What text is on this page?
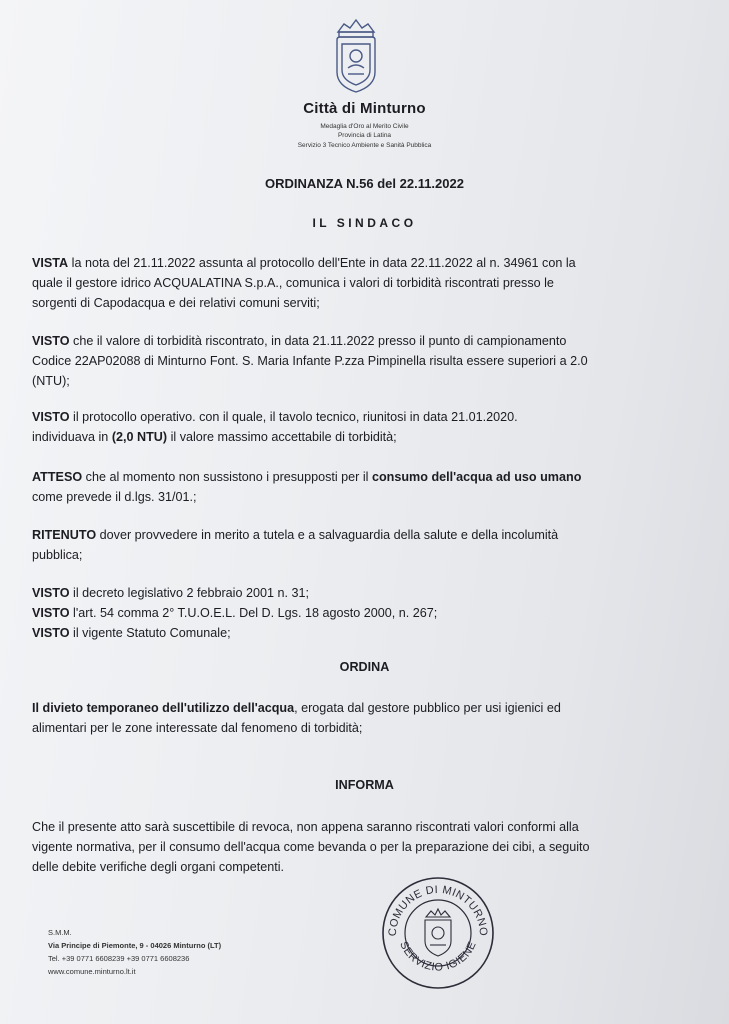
Città di Minturno
Medaglia d'Oro al Merito Civile
Provincia di Latina
Servizio 3 Tecnico Ambiente e Sanità Pubblica
ORDINANZA N.56 del 22.11.2022
IL SINDACO
VISTA la nota del 21.11.2022 assunta al protocollo dell'Ente in data 22.11.2022 al n. 34961 con la
quale il gestore idrico ACQUALATINA S.p.A., comunica i valori di torbidità riscontrati presso le
sorgenti di Capodacqua e dei relativi comuni serviti;
VISTO che il valore di torbidità riscontrato, in data 21.11.2022 presso il punto di campionamento
Codice 22AP02088 di Minturno Font. S. Maria Infante P.zza Pimpinella risulta essere superiori a 2.0
(NTU);
VISTO il protocollo operativo. con il quale, il tavolo tecnico, riunitosi in data 21.01.2020.
individuava in (2,0 NTU) il valore massimo accettabile di torbidità;
ATTESO che al momento non sussistono i presupposti per il consumo dell'acqua ad uso umano
come prevede il d.lgs. 31/01.;
RITENUTO dover provvedere in merito a tutela e a salvaguardia della salute e della incolumità
pubblica;
VISTO il decreto legislativo 2 febbraio 2001 n. 31;
VISTO l'art. 54 comma 2° T.U.O.E.L. Del D. Lgs. 18 agosto 2000, n. 267;
VISTO il vigente Statuto Comunale;
ORDINA
Il divieto temporaneo dell'utilizzo dell'acqua, erogata dal gestore pubblico per usi igienici ed
alimentari per le zone interessate dal fenomeno di torbidità;
INFORMA
Che il presente atto sarà suscettibile di revoca, non appena saranno riscontrati valori conformi alla
vigente normativa, per il consumo dell'acqua come bevanda o per la preparazione dei cibi, a seguito
delle debite verifiche degli organi competenti.
S.M.M.
Via Principe di Piemonte, 9 - 04026 Minturno (LT)
Tel. +39 0771 6608239 +39 0771 6608236
www.comune.minturno.lt.it
COMUNE DI MINTURNO
SERVIZIO IGIENE
